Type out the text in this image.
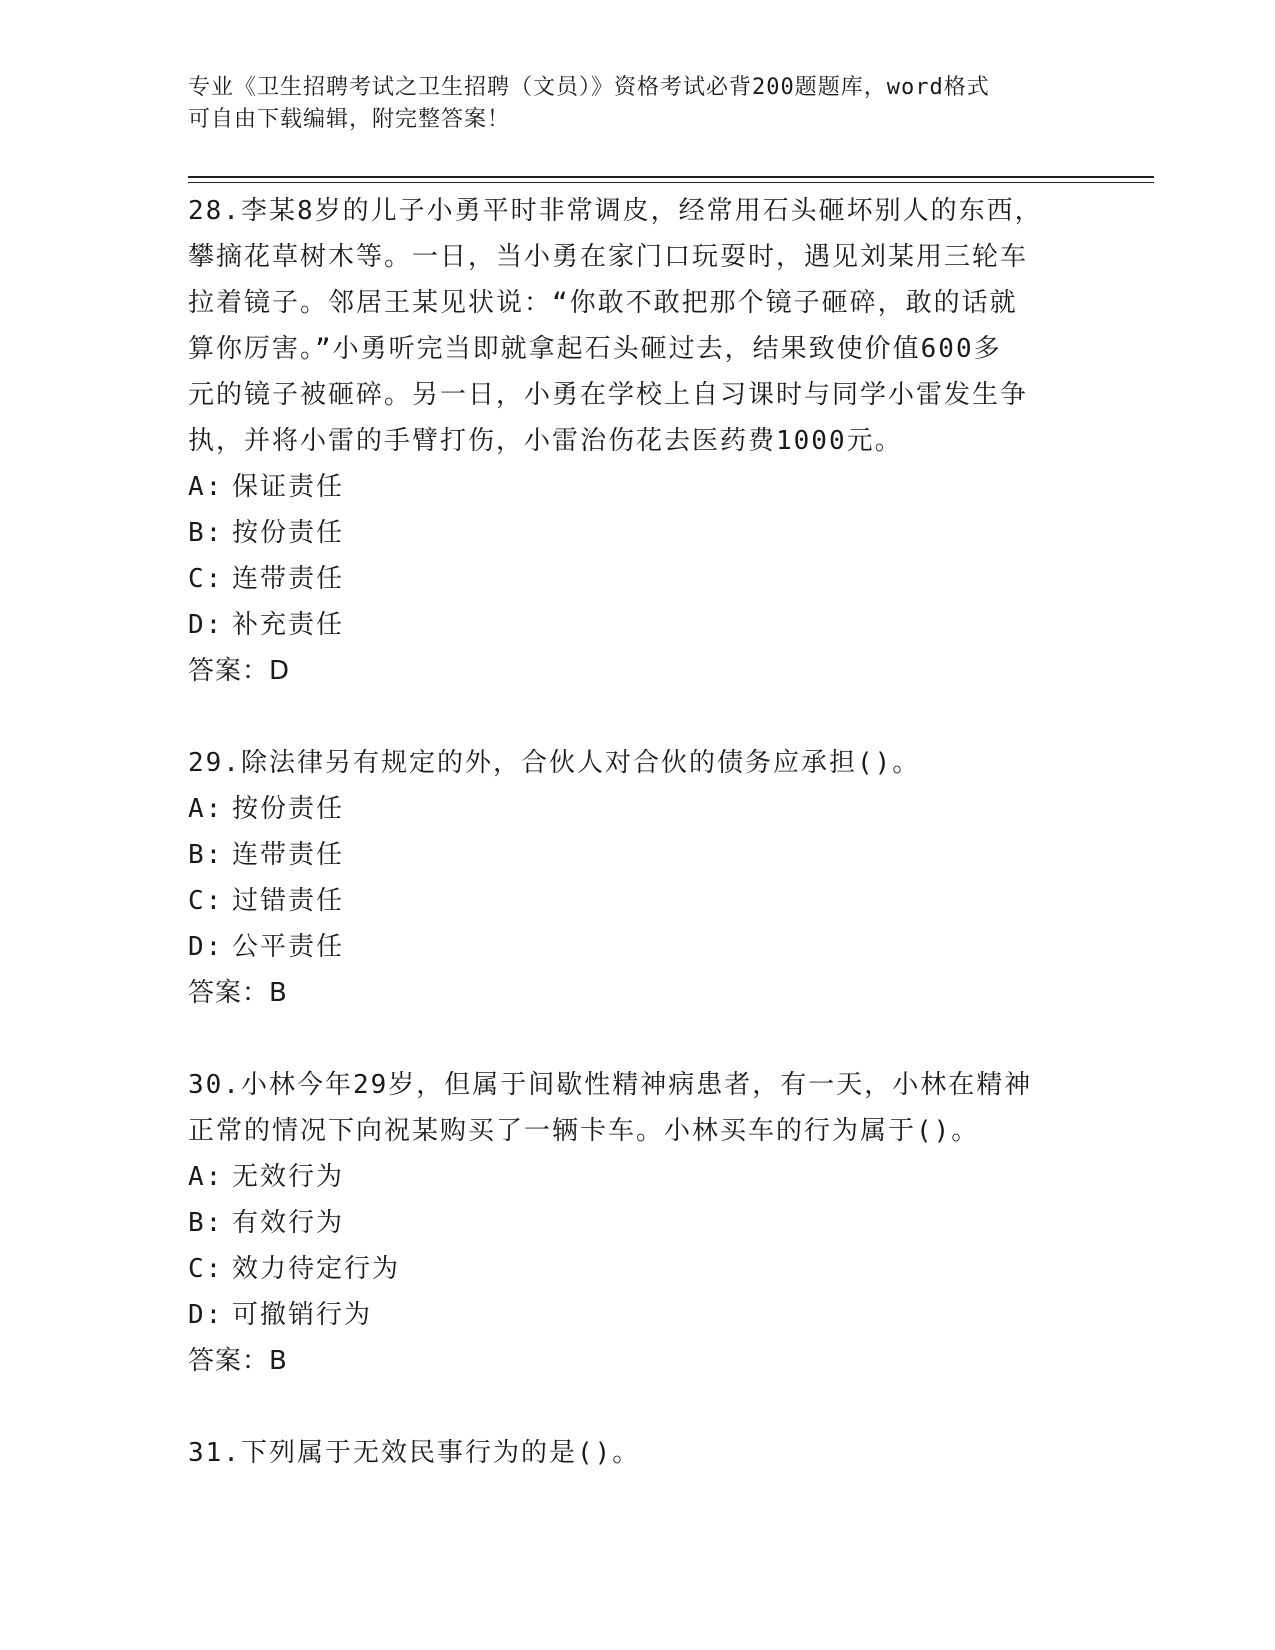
专业《卫生招聘考试之卫生招聘（文员）》资格考试必背200题题库，word格式
可自由下载编辑，附完整答案！

28.李某8岁的儿子小勇平时非常调皮，经常用石头砸坏别人的东西，

攀摘花草树木等。一日，当小勇在家门口玩耍时，遇见刘某用三轮车

拉着镜子。邻居王某见状说：“你敢不敢把那个镜子砸碎，敢的话就

算你厉害。”小勇听完当即就拿起石头砸过去，结果致使价值600多

元的镜子被砸碎。另一日，小勇在学校上自习课时与同学小雷发生争

执，并将小雷的手臂打伤，小雷治伤花去医药费1000元。

A: 保证责任

B: 按份责任

C: 连带责任

D: 补充责任

答案：D

29.除法律另有规定的外，合伙人对合伙的债务应承担()。

A: 按份责任

B: 连带责任

C: 过错责任

D: 公平责任

答案：B

30.小林今年29岁，但属于间歇性精神病患者，有一天，小林在精神

正常的情况下向祝某购买了一辆卡车。小林买车的行为属于()。

A: 无效行为

B: 有效行为

C: 效力待定行为

D: 可撤销行为

答案：B

31.下列属于无效民事行为的是()。
